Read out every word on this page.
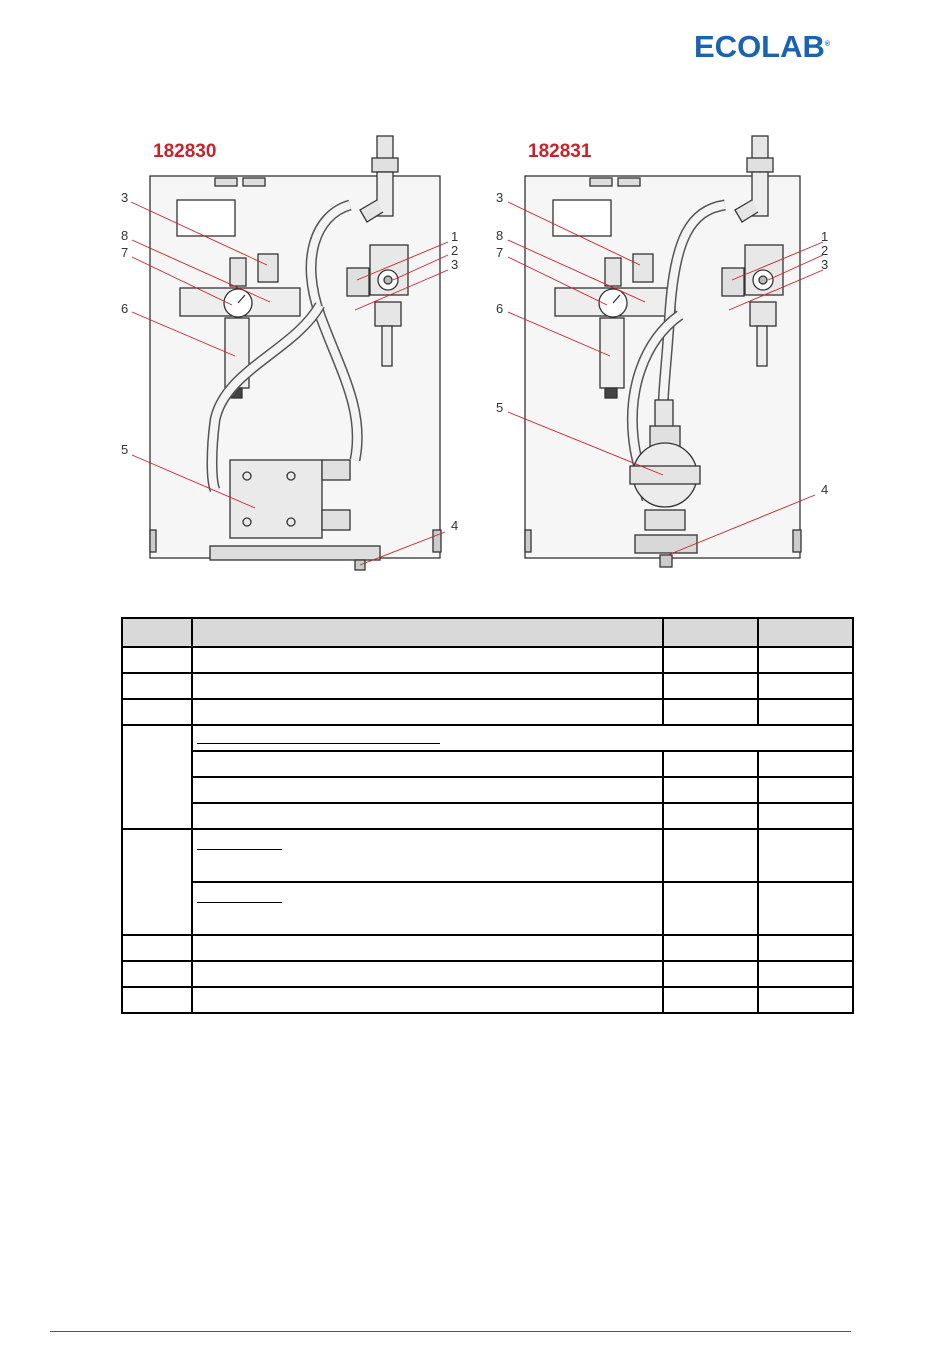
ECOLAB®
182830	182831
3
8
7
6
5
4
1
2
3
3
8
7
6
5
4
1
2
3
